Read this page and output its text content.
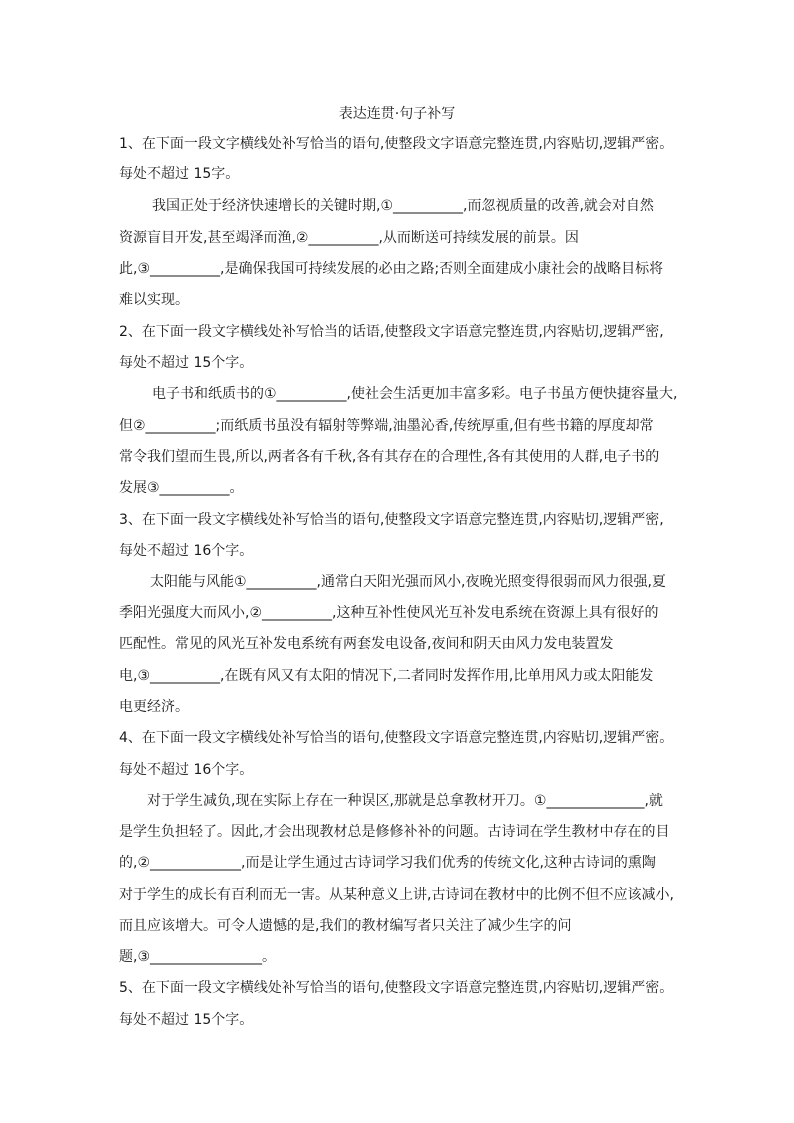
表达连贯·句子补写
1、在下面一段文字横线处补写恰当的语句,使整段文字语意完整连贯,内容贴切,逻辑严密。
每处不超过 15字。
我国正处于经济快速增长的关键时期,①__________,而忽视质量的改善,就会对自然
资源盲目开发,甚至竭泽而渔,②__________,从而断送可持续发展的前景。因
此,③__________,是确保我国可持续发展的必由之路;否则全面建成小康社会的战略目标将
难以实现。
2、在下面一段文字横线处补写恰当的话语,使整段文字语意完整连贯,内容贴切,逻辑严密,
每处不超过 15个字。
电子书和纸质书的①__________,使社会生活更加丰富多彩。电子书虽方便快捷容量大,
但②__________;而纸质书虽没有辐射等弊端,油墨沁香,传统厚重,但有些书籍的厚度却常
常令我们望而生畏,所以,两者各有千秋,各有其存在的合理性,各有其使用的人群,电子书的
发展③__________。
3、在下面一段文字横线处补写恰当的语句,使整段文字语意完整连贯,内容贴切,逻辑严密,
每处不超过 16个字。
太阳能与风能①__________,通常白天阳光强而风小,夜晚光照变得很弱而风力很强,夏
季阳光强度大而风小,②__________,这种互补性使风光互补发电系统在资源上具有很好的
匹配性。常见的风光互补发电系统有两套发电设备,夜间和阴天由风力发电装置发
电,③__________,在既有风又有太阳的情况下,二者同时发挥作用,比单用风力或太阳能发
电更经济。
4、在下面一段文字横线处补写恰当的语句,使整段文字语意完整连贯,内容贴切,逻辑严密。
每处不超过 16个字。
对于学生减负,现在实际上存在一种误区,那就是总拿教材开刀。①______________,就
是学生负担轻了。因此,才会出现教材总是修修补补的问题。古诗词在学生教材中存在的目
的,②_____________,而是让学生通过古诗词学习我们优秀的传统文化,这种古诗词的熏陶
对于学生的成长有百利而无一害。从某种意义上讲,古诗词在教材中的比例不但不应该减小,
而且应该增大。可令人遗憾的是,我们的教材编写者只关注了减少生字的问
题,③________________。
5、在下面一段文字横线处补写恰当的语句,使整段文字语意完整连贯,内容贴切,逻辑严密。
每处不超过 15个字。
